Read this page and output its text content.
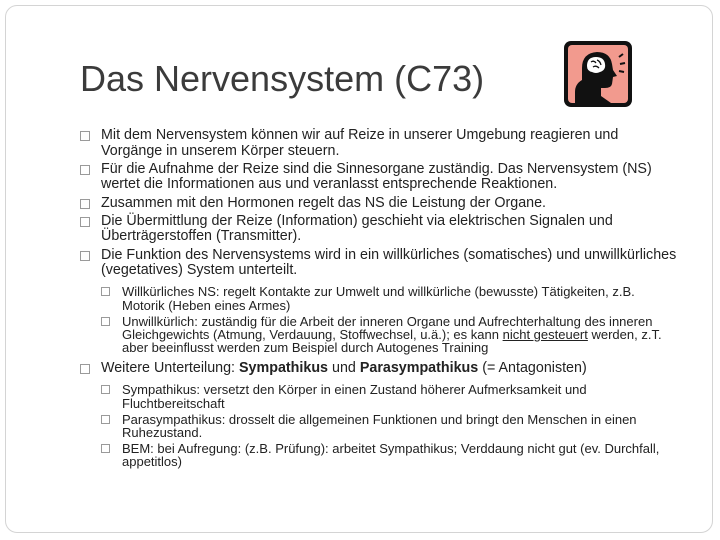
Das Nervensystem (C73)
Mit dem Nervensystem können wir auf Reize in unserer Umgebung reagieren und Vorgänge in unserem Körper steuern.
Für die Aufnahme der Reize sind die Sinnesorgane zuständig. Das Nervensystem (NS) wertet die Informationen aus und veranlasst entsprechende Reaktionen.
Zusammen mit den Hormonen regelt das NS die Leistung der Organe.
Die Übermittlung der Reize (Information) geschieht via elektrischen Signalen und Überträgerstoffen (Transmitter).
Die Funktion des Nervensystems wird in ein willkürliches (somatisches) und unwillkürliches (vegetatives) System unterteilt.
Willkürliches NS: regelt Kontakte zur Umwelt und willkürliche (bewusste) Tätigkeiten, z.B. Motorik (Heben eines Armes)
Unwillkürlich: zuständig für die Arbeit der inneren Organe und Aufrechterhaltung des inneren Gleichgewichts (Atmung, Verdauung, Stoffwechsel, u.ä.); es kann nicht gesteuert werden, z.T. aber beeinflusst werden zum Beispiel durch Autogenes Training
Weitere Unterteilung: Sympathikus und Parasympathikus (= Antagonisten)
Sympathikus: versetzt den Körper in einen Zustand höherer Aufmerksamkeit und Fluchtbereitschaft
Parasympathikus: drosselt die allgemeinen Funktionen und bringt den Menschen in einen Ruhezustand.
BEM: bei Aufregung: (z.B. Prüfung): arbeitet Sympathikus; Verddaung nicht gut (ev. Durchfall, appetitlos)
